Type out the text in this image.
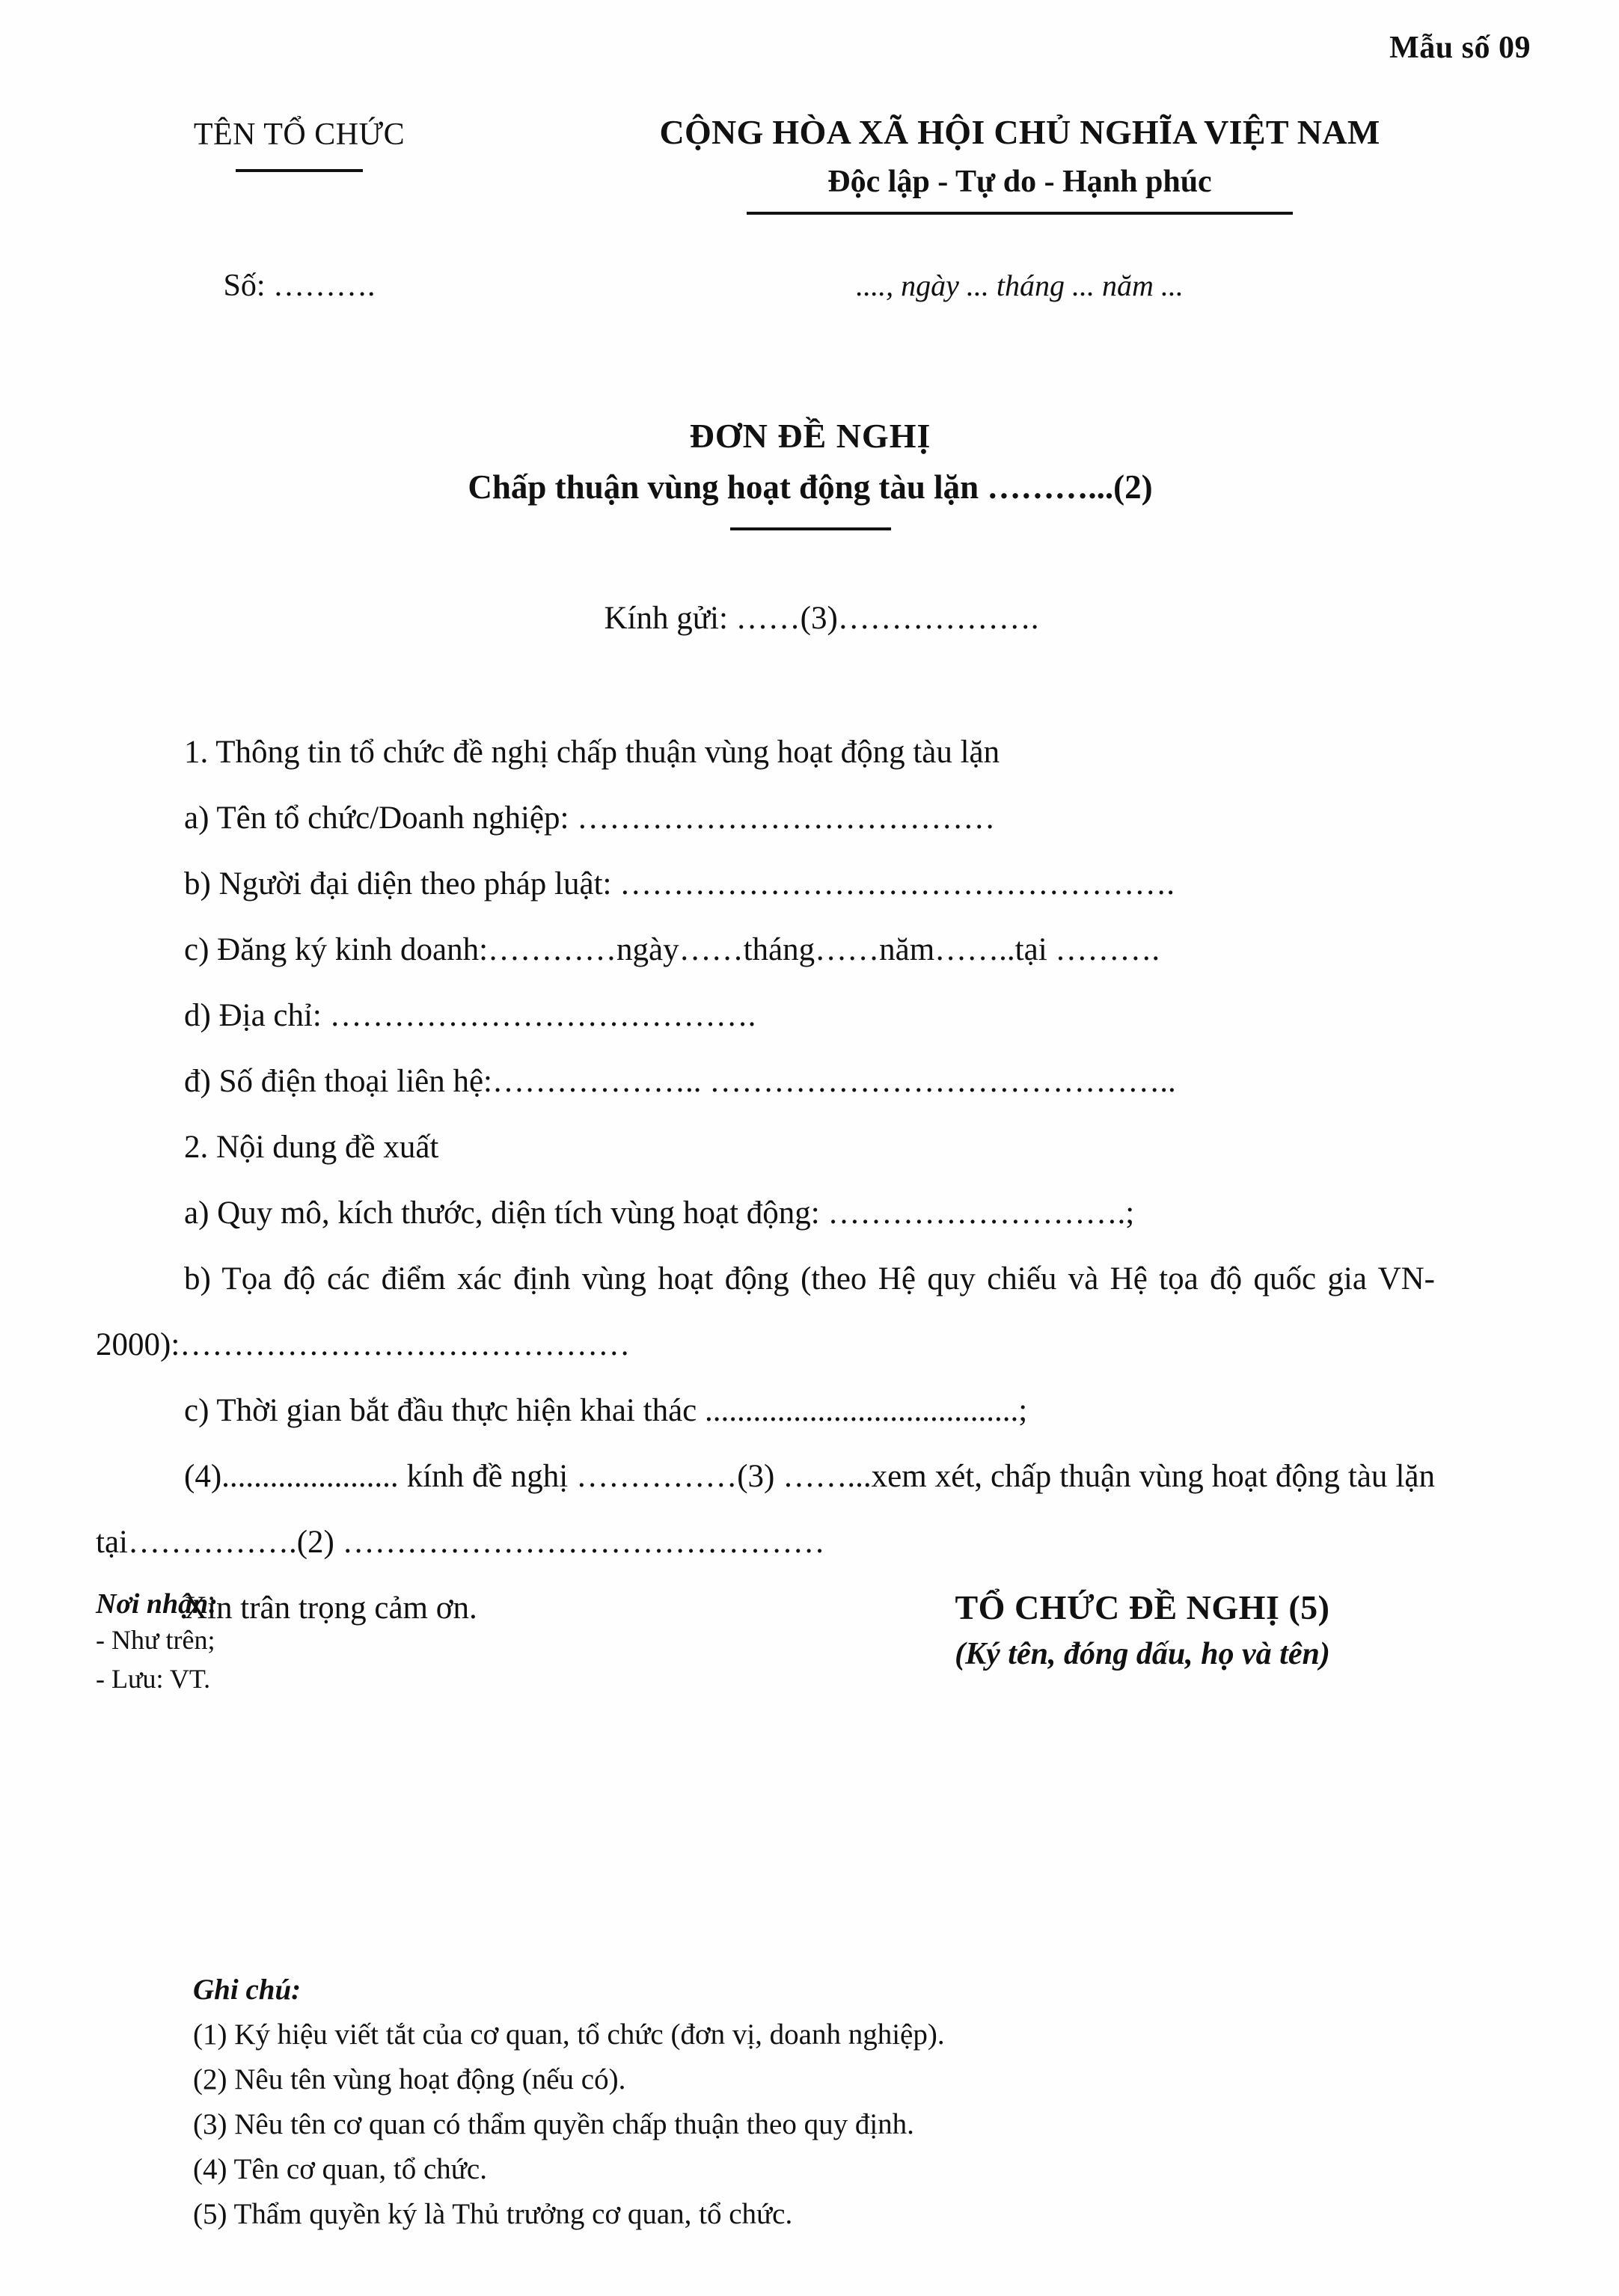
Mẫu số 09
TÊN TỔ CHỨC	CỘNG HÒA XÃ HỘI CHỦ NGHĨA VIỆT NAM
Độc lập - Tự do - Hạnh phúc
Số: ……….	...., ngày ... tháng ... năm ...
ĐƠN ĐỀ NGHỊ
Chấp thuận vùng hoạt động tàu lặn ………...(2)
Kính gửi: ……(3)……………….

1. Thông tin tổ chức đề nghị chấp thuận vùng hoạt động tàu lặn

a) Tên tổ chức/Doanh nghiệp: …………………………………

b) Người đại diện theo pháp luật: …………………………………………….

c) Đăng ký kinh doanh:…………ngày……tháng……năm……..tại ……….

d) Địa chỉ: ………………………………….

đ) Số điện thoại liên hệ:……………….. ……………………………………..

2. Nội dung đề xuất

a) Quy mô, kích thước, diện tích vùng hoạt động: ……………………….;

b) Tọa độ các điểm xác định vùng hoạt động (theo Hệ quy chiếu và Hệ tọa độ quốc gia VN-2000):……………………………………

c) Thời gian bắt đầu thực hiện khai thác .......................................;

(4)...................... kính đề nghị ……………(3) ……...xem xét, chấp thuận vùng hoạt động tàu lặn tại…………….(2) ………………………………………

Xin trân trọng cảm ơn.

Nơi nhận:
- Như trên;
- Lưu: VT.
TỔ CHỨC ĐỀ NGHỊ (5)
(Ký tên, đóng dấu, họ và tên)
Ghi chú:
(1) Ký hiệu viết tắt của cơ quan, tổ chức (đơn vị, doanh nghiệp).
(2) Nêu tên vùng hoạt động (nếu có).
(3) Nêu tên cơ quan có thẩm quyền chấp thuận theo quy định.
(4) Tên cơ quan, tổ chức.
(5) Thẩm quyền ký là Thủ trưởng cơ quan, tổ chức.
